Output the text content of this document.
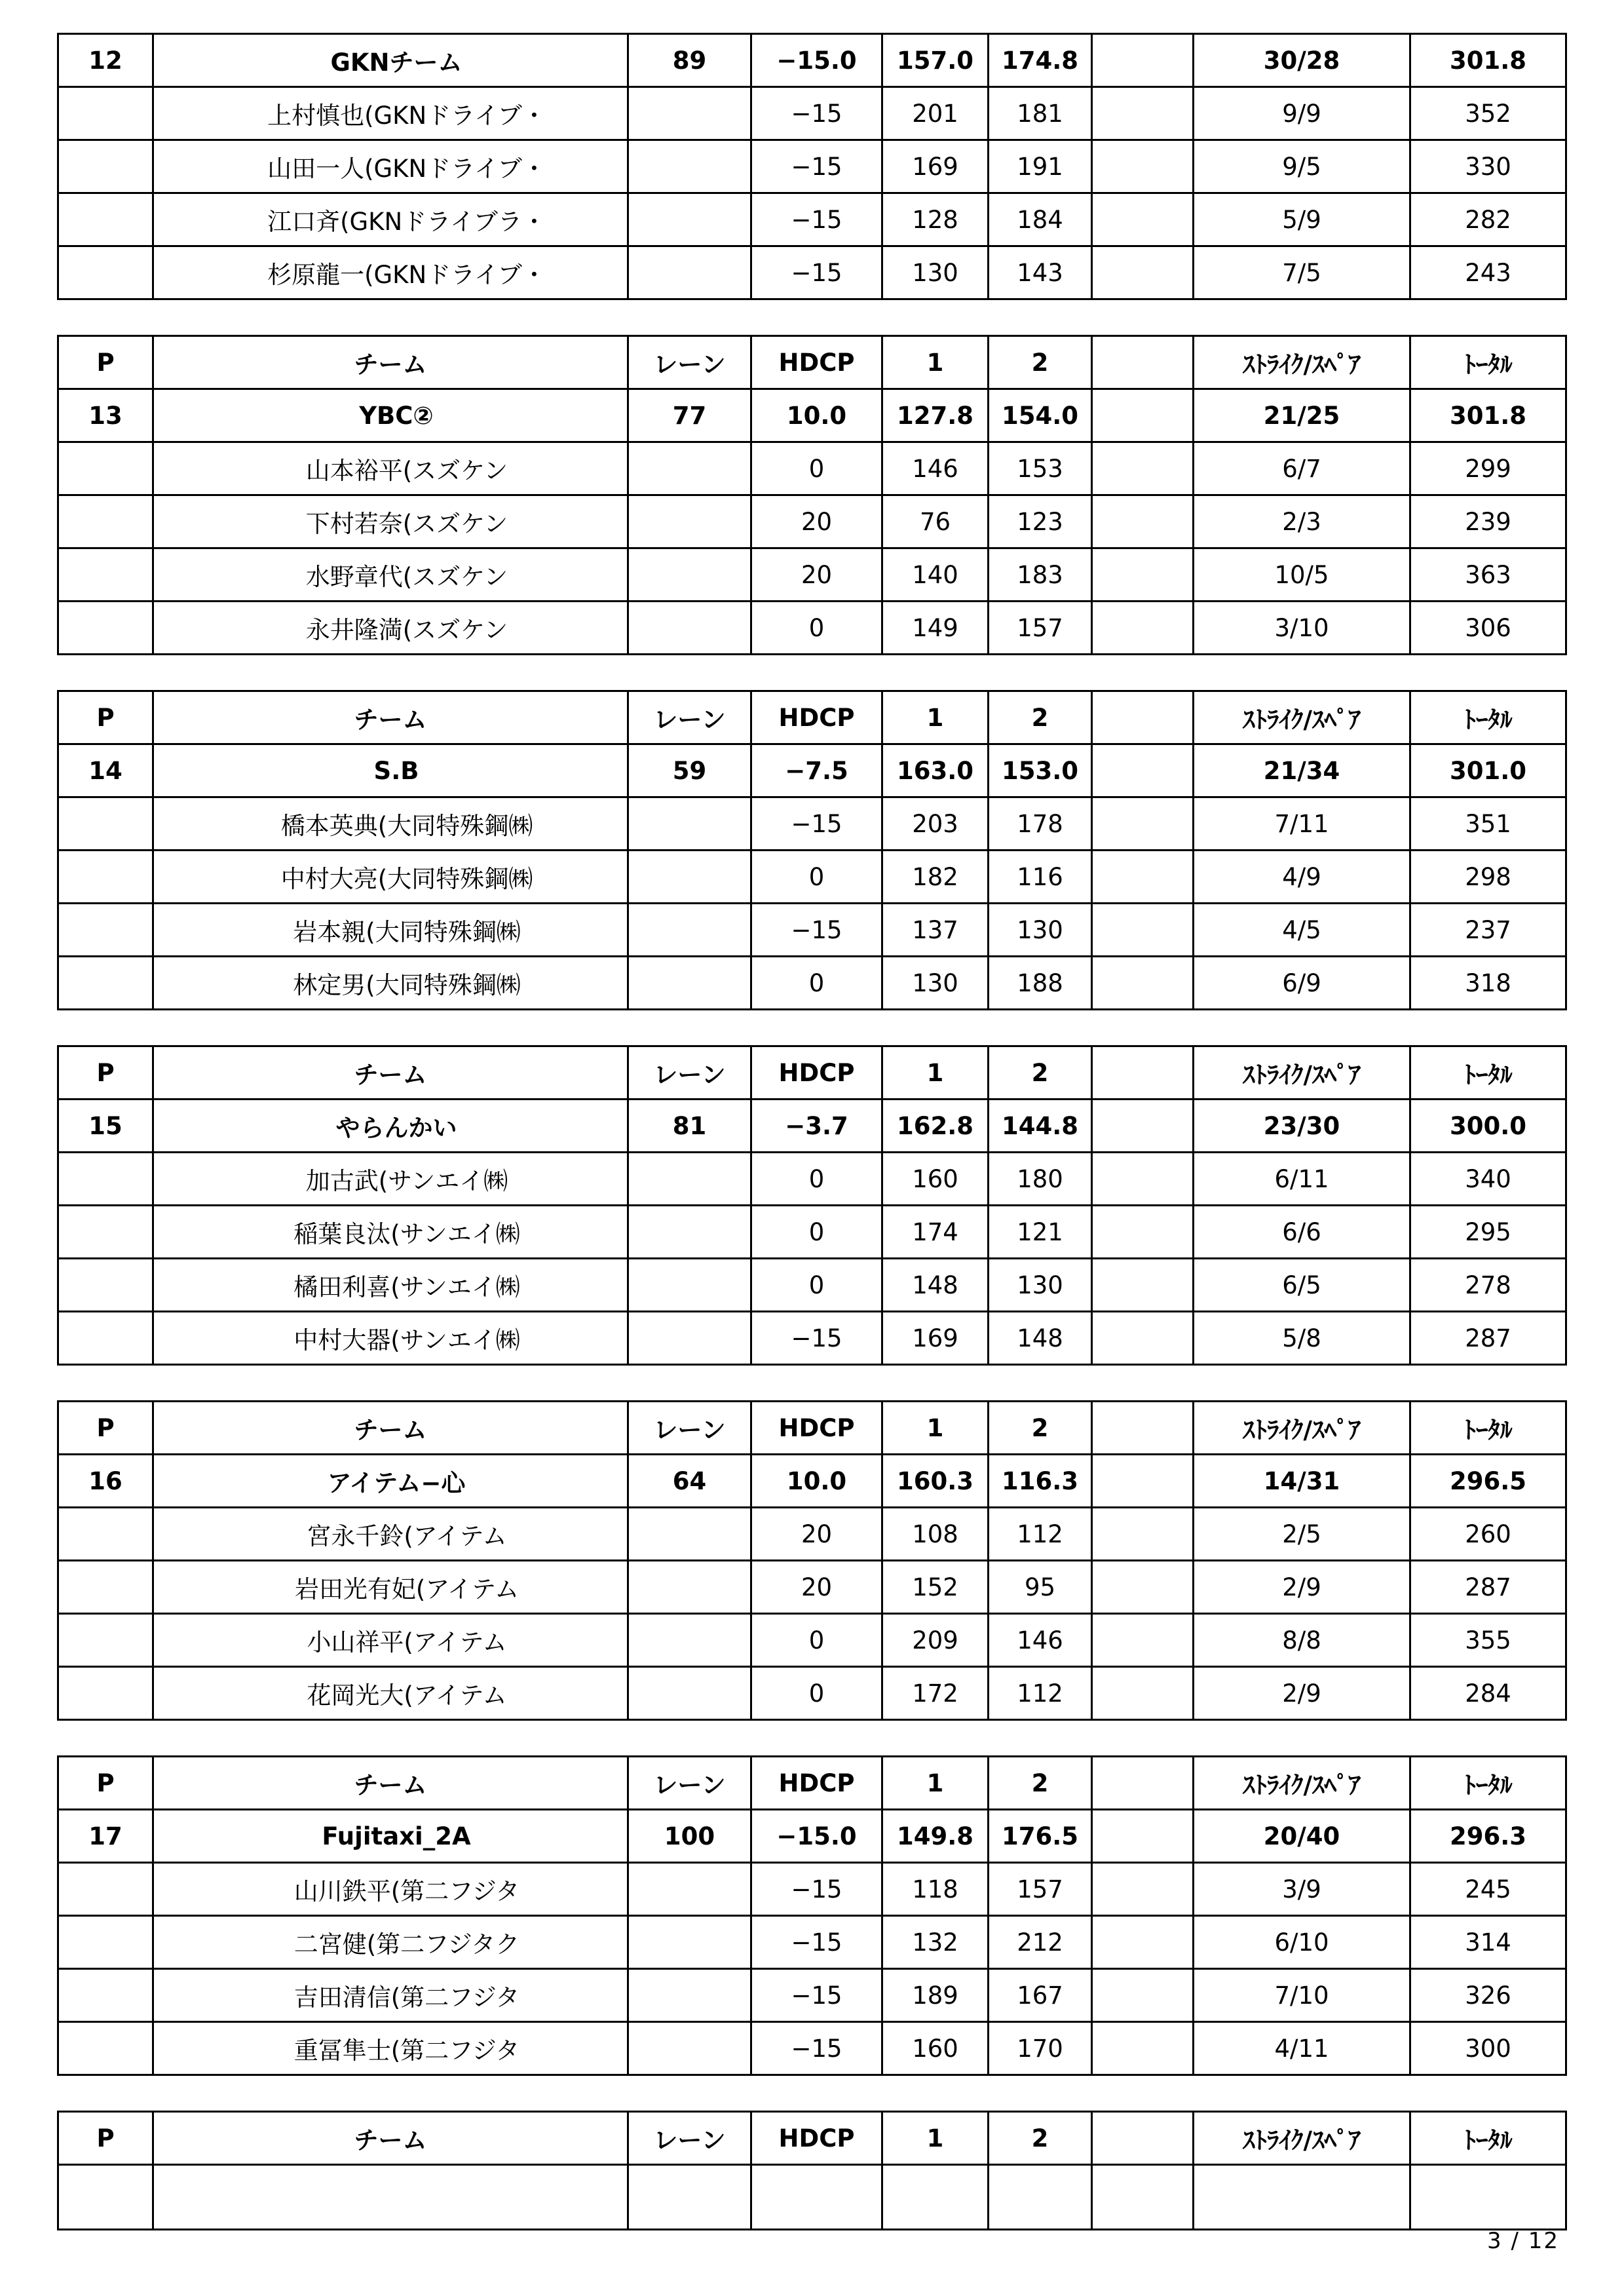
12	GKNチーム	89	−15.0	157.0	174.8		30/28	301.8
	上村慎也(GKNドライブ・		−15	201	181		9/9	352
	山田一人(GKNドライブ・		−15	169	191		9/5	330
	江口斉(GKNドライブラ・		−15	128	184		5/9	282
	杉原龍一(GKNドライブ・		−15	130	143		7/5	243
P	チーム	レーン	HDCP	1	2		ｽﾄﾗｲｸ/ｽﾍﾟｱ	ﾄｰﾀﾙ
13	YBC②	77	10.0	127.8	154.0		21/25	301.8
	山本裕平(スズケン		0	146	153		6/7	299
	下村若奈(スズケン		20	76	123		2/3	239
	水野章代(スズケン		20	140	183		10/5	363
	永井隆満(スズケン		0	149	157		3/10	306
P	チーム	レーン	HDCP	1	2		ｽﾄﾗｲｸ/ｽﾍﾟｱ	ﾄｰﾀﾙ
14	S.B	59	−7.5	163.0	153.0		21/34	301.0
	橋本英典(大同特殊鋼㈱		−15	203	178		7/11	351
	中村大亮(大同特殊鋼㈱		0	182	116		4/9	298
	岩本親(大同特殊鋼㈱		−15	137	130		4/5	237
	林定男(大同特殊鋼㈱		0	130	188		6/9	318
P	チーム	レーン	HDCP	1	2		ｽﾄﾗｲｸ/ｽﾍﾟｱ	ﾄｰﾀﾙ
15	やらんかい	81	−3.7	162.8	144.8		23/30	300.0
	加古武(サンエイ㈱		0	160	180		6/11	340
	稲葉良汰(サンエイ㈱		0	174	121		6/6	295
	橘田利喜(サンエイ㈱		0	148	130		6/5	278
	中村大器(サンエイ㈱		−15	169	148		5/8	287
P	チーム	レーン	HDCP	1	2		ｽﾄﾗｲｸ/ｽﾍﾟｱ	ﾄｰﾀﾙ
16	アイテム−心	64	10.0	160.3	116.3		14/31	296.5
	宮永千鈴(アイテム		20	108	112		2/5	260
	岩田光有妃(アイテム		20	152	95		2/9	287
	小山祥平(アイテム		0	209	146		8/8	355
	花岡光大(アイテム		0	172	112		2/9	284
P	チーム	レーン	HDCP	1	2		ｽﾄﾗｲｸ/ｽﾍﾟｱ	ﾄｰﾀﾙ
17	Fujitaxi_2A	100	−15.0	149.8	176.5		20/40	296.3
	山川鉄平(第二フジタ		−15	118	157		3/9	245
	二宮健(第二フジタク		−15	132	212		6/10	314
	吉田清信(第二フジタ		−15	189	167		7/10	326
	重冨隼士(第二フジタ		−15	160	170		4/11	300
P	チーム	レーン	HDCP	1	2		ｽﾄﾗｲｸ/ｽﾍﾟｱ	ﾄｰﾀﾙ

3 / 12
